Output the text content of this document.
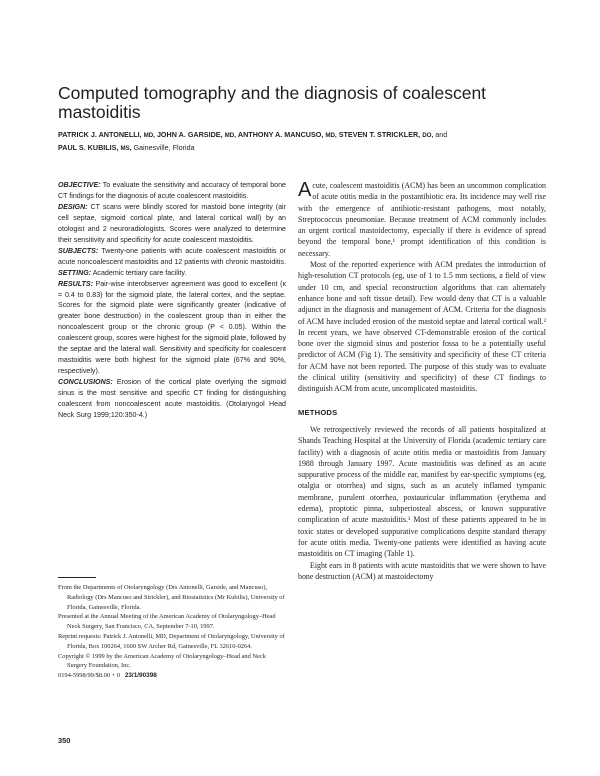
Computed tomography and the diagnosis of coalescent mastoiditis
PATRICK J. ANTONELLI, MD, JOHN A. GARSIDE, MD, ANTHONY A. MANCUSO, MD, STEVEN T. STRICKLER, DO, and
PAUL S. KUBILIS, MS, Gainesville, Florida

OBJECTIVE: To evaluate the sensitivity and accuracy of temporal bone CT findings for the diagnosis of acute coalescent mastoiditis.

DESIGN: CT scans were blindly scored for mastoid bone integrity (air cell septae, sigmoid cortical plate, and lateral cortical wall) by an otologist and 2 neuroradiologists. Scores were analyzed to determine their sensitivity and specificity for acute coalescent mastoiditis.

SUBJECTS: Twenty-one patients with acute coalescent mastoiditis or acute noncoalescent mastoiditis and 12 patients with chronic mastoiditis.

SETTING: Academic tertiary care facility.

RESULTS: Pair-wise interobserver agreement was good to excellent (κ = 0.4 to 0.83) for the sigmoid plate, the lateral cortex, and the septae. Scores for the sigmoid plate were significantly greater (indicative of greater bone destruction) in the coalescent group than in either the noncoalescent group or the chronic group (P < 0.05). Within the coalescent group, scores were highest for the sigmoid plate, followed by the septae and the lateral wall. Sensitivity and specificity for coalescent mastoiditis were both highest for the sigmoid plate (67% and 90%, respectively).

CONCLUSIONS: Erosion of the cortical plate overlying the sigmoid sinus is the most sensitive and specific CT finding for distinguishing coalescent from noncoalescent acute mastoiditis. (Otolaryngol Head Neck Surg 1999;120:350-4.)

Acute, coalescent mastoiditis (ACM) has been an uncommon complication of acute otitis media in the postantibiotic era. Its incidence may well rise with the emergence of antibiotic-resistant pathogens, most notably, Streptococcus pneumoniae. Because treatment of ACM commonly includes an urgent cortical mastoidectomy, especially if there is evidence of spread beyond the temporal bone,¹ prompt identification of this condition is necessary.

Most of the reported experience with ACM predates the introduction of high-resolution CT protocols (eg, use of 1 to 1.5 mm sections, a field of view under 10 cm, and special reconstruction algorithms that can alternately enhance bone and soft tissue detail). Few would deny that CT is a valuable adjunct in the diagnosis and management of ACM. Criteria for the diagnosis of ACM have included erosion of the mastoid septae and lateral cortical wall.² In recent years, we have observed CT-demonstrable erosion of the cortical bone over the sigmoid sinus and posterior fossa to be a potentially useful predictor of ACM (Fig 1). The sensitivity and specificity of these CT criteria for ACM have not been reported. The purpose of this study was to evaluate the clinical utility (sensitivity and specificity) of these CT findings to distinguish ACM from acute, uncomplicated mastoiditis.

METHODS

We retrospectively reviewed the records of all patients hospitalized at Shands Teaching Hospital at the University of Florida (academic tertiary care facility) with a diagnosis of acute otitis media or mastoiditis from January 1988 through January 1997. Acute mastoiditis was defined as an acute suppurative process of the middle ear, manifest by ear-specific symptoms (eg, otalgia or otorrhea) and signs, such as an acutely inflamed tympanic membrane, purulent otorrhea, postauricular inflammation (erythema and edema), proptotic pinna, subperiosteal abscess, or known suppurative complication of acute mastoiditis.¹ Most of these patients appeared to be in toxic states or developed suppurative complications despite standard therapy for acute otitis media. Twenty-one patients were identified as having acute mastoiditis on CT imaging (Table 1).

Eight ears in 8 patients with acute mastoiditis that we were shown to have bone destruction (ACM) at mastoidectomy

From the Departments of Otolaryngology (Drs Antonelli, Garside, and Mancuso), Radiology (Drs Mancuso and Strickler), and Biostatistics (Mr Kubilis), University of Florida, Gainesville, Florida.

Presented at the Annual Meeting of the American Academy of Otolaryngology–Head Neck Surgery, San Francisco, CA, September 7-10, 1997.

Reprint requests: Patrick J. Antonelli, MD, Department of Otolaryngology, University of Florida, Box 100264, 1600 SW Archer Rd, Gainesville, FL 32610-0264.

Copyright © 1999 by the American Academy of Otolaryngology–Head and Neck Surgery Foundation, Inc.

0194-5998/99/$8.00 + 0 23/1/90398

350
